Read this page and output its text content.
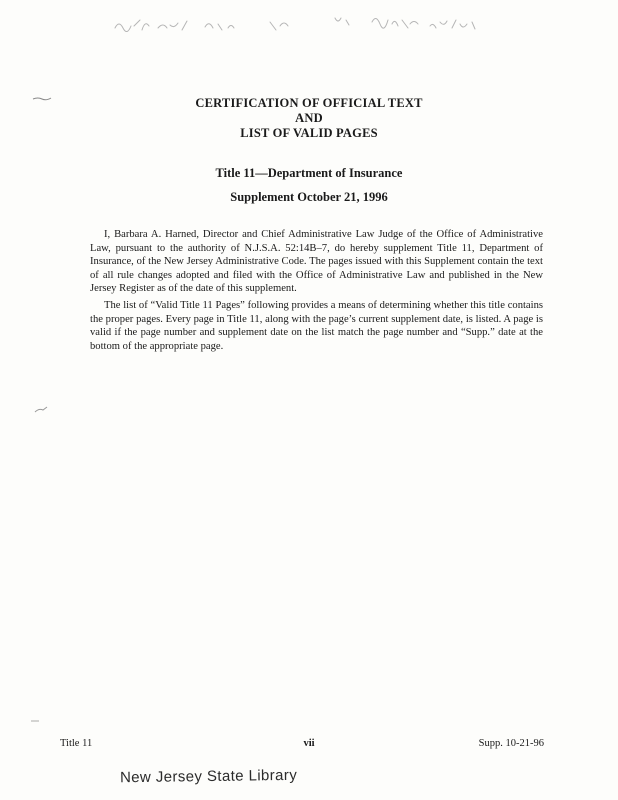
CERTIFICATION OF OFFICIAL TEXT
AND
LIST OF VALID PAGES
Title 11—Department of Insurance
Supplement October 21, 1996

I, Barbara A. Harned, Director and Chief Administrative Law Judge of the Office of Administrative Law, pursuant to the authority of N.J.S.A. 52:14B–7, do hereby supplement Title 11, Department of Insurance, of the New Jersey Administrative Code. The pages issued with this Supplement contain the text of all rule changes adopted and filed with the Office of Administrative Law and published in the New Jersey Register as of the date of this supplement.

The list of “Valid Title 11 Pages” following provides a means of determining whether this title contains the proper pages. Every page in Title 11, along with the page’s current supplement date, is listed. A page is valid if the page number and supplement date on the list match the page number and “Supp.” date at the bottom of the appropriate page.

Title 11	vii	Supp. 10-21-96
New Jersey State Library
